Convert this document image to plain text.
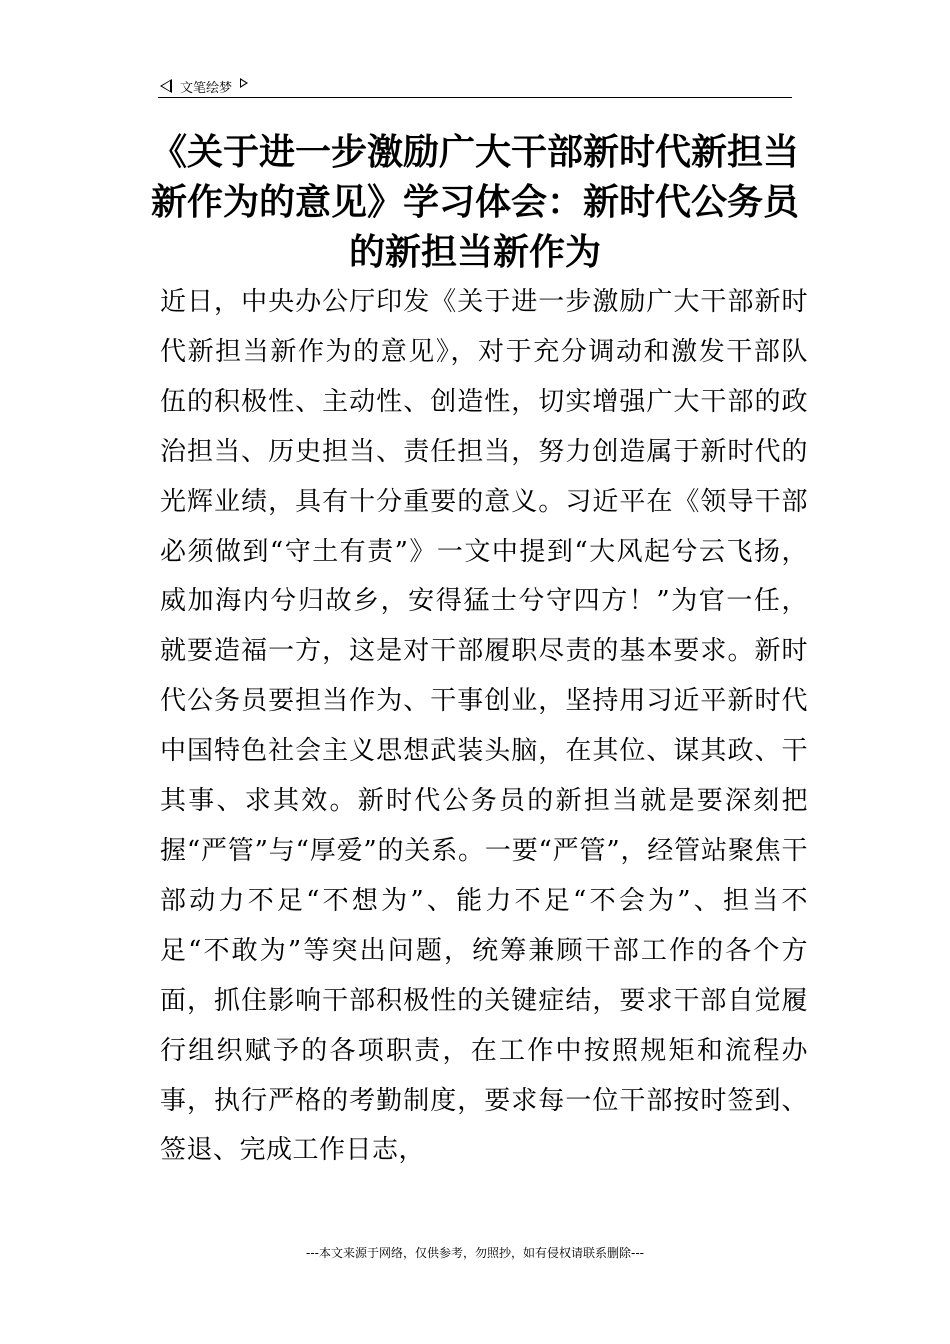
文笔绘梦
《关于进一步激励广大干部新时代新担当新作为的意见》学习体会：新时代公务员的新担当新作为

近日，中央办公厅印发《关于进一步激励广大干部新时代新担当新作为的意见》，对于充分调动和激发干部队伍的积极性、主动性、创造性，切实增强广大干部的政治担当、历史担当、责任担当，努力创造属于新时代的光辉业绩，具有十分重要的意义。习近平在《领导干部必须做到“守土有责”》一文中提到“大风起兮云飞扬，威加海内兮归故乡，安得猛士兮守四方！”为官一任，就要造福一方，这是对干部履职尽责的基本要求。新时代公务员要担当作为、干事创业，坚持用习近平新时代中国特色社会主义思想武装头脑，在其位、谋其政、干其事、求其效。新时代公务员的新担当就是要深刻把握“严管”与“厚爱”的关系。一要“严管”，经管站聚焦干部动力不足“不想为”、能力不足“不会为”、担当不足“不敢为”等突出问题，统筹兼顾干部工作的各个方面，抓住影响干部积极性的关键症结，要求干部自觉履行组织赋予的各项职责，在工作中按照规矩和流程办事，执行严格的考勤制度，要求每一位干部按时签到、签退、完成工作日志，

---本文来源于网络，仅供参考，勿照抄，如有侵权请联系删除---
